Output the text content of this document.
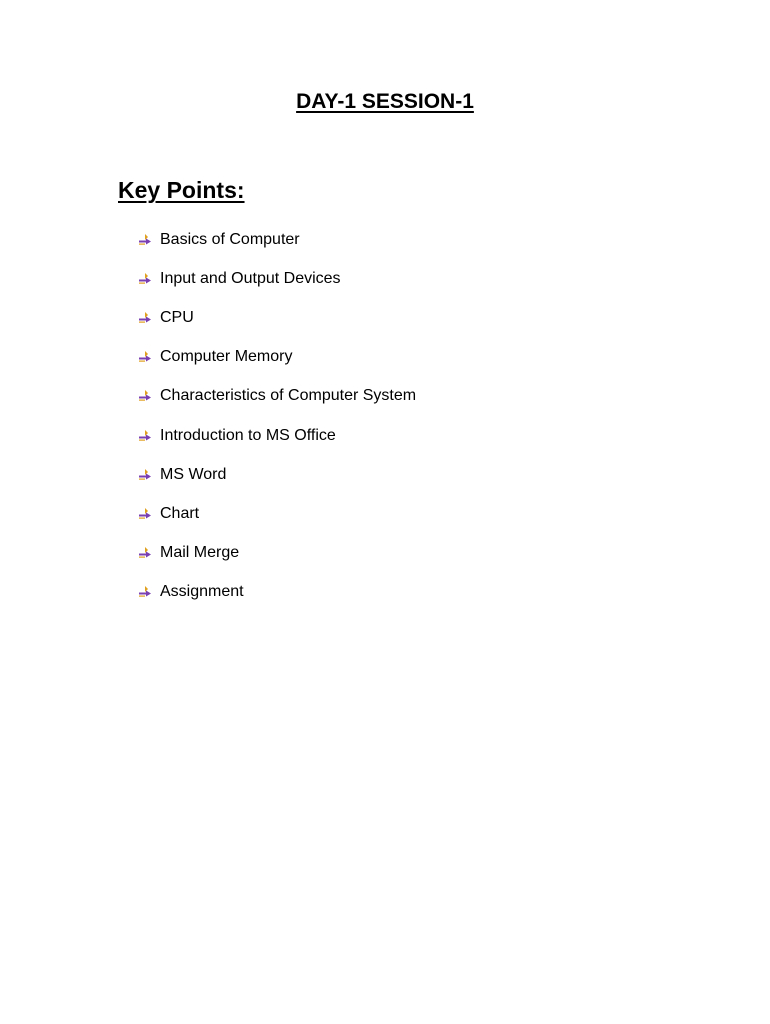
DAY-1 SESSION-1
Key Points:
Basics of Computer
Input and Output Devices
CPU
Computer Memory
Characteristics of Computer System
Introduction to MS Office
MS Word
Chart
Mail Merge
Assignment
